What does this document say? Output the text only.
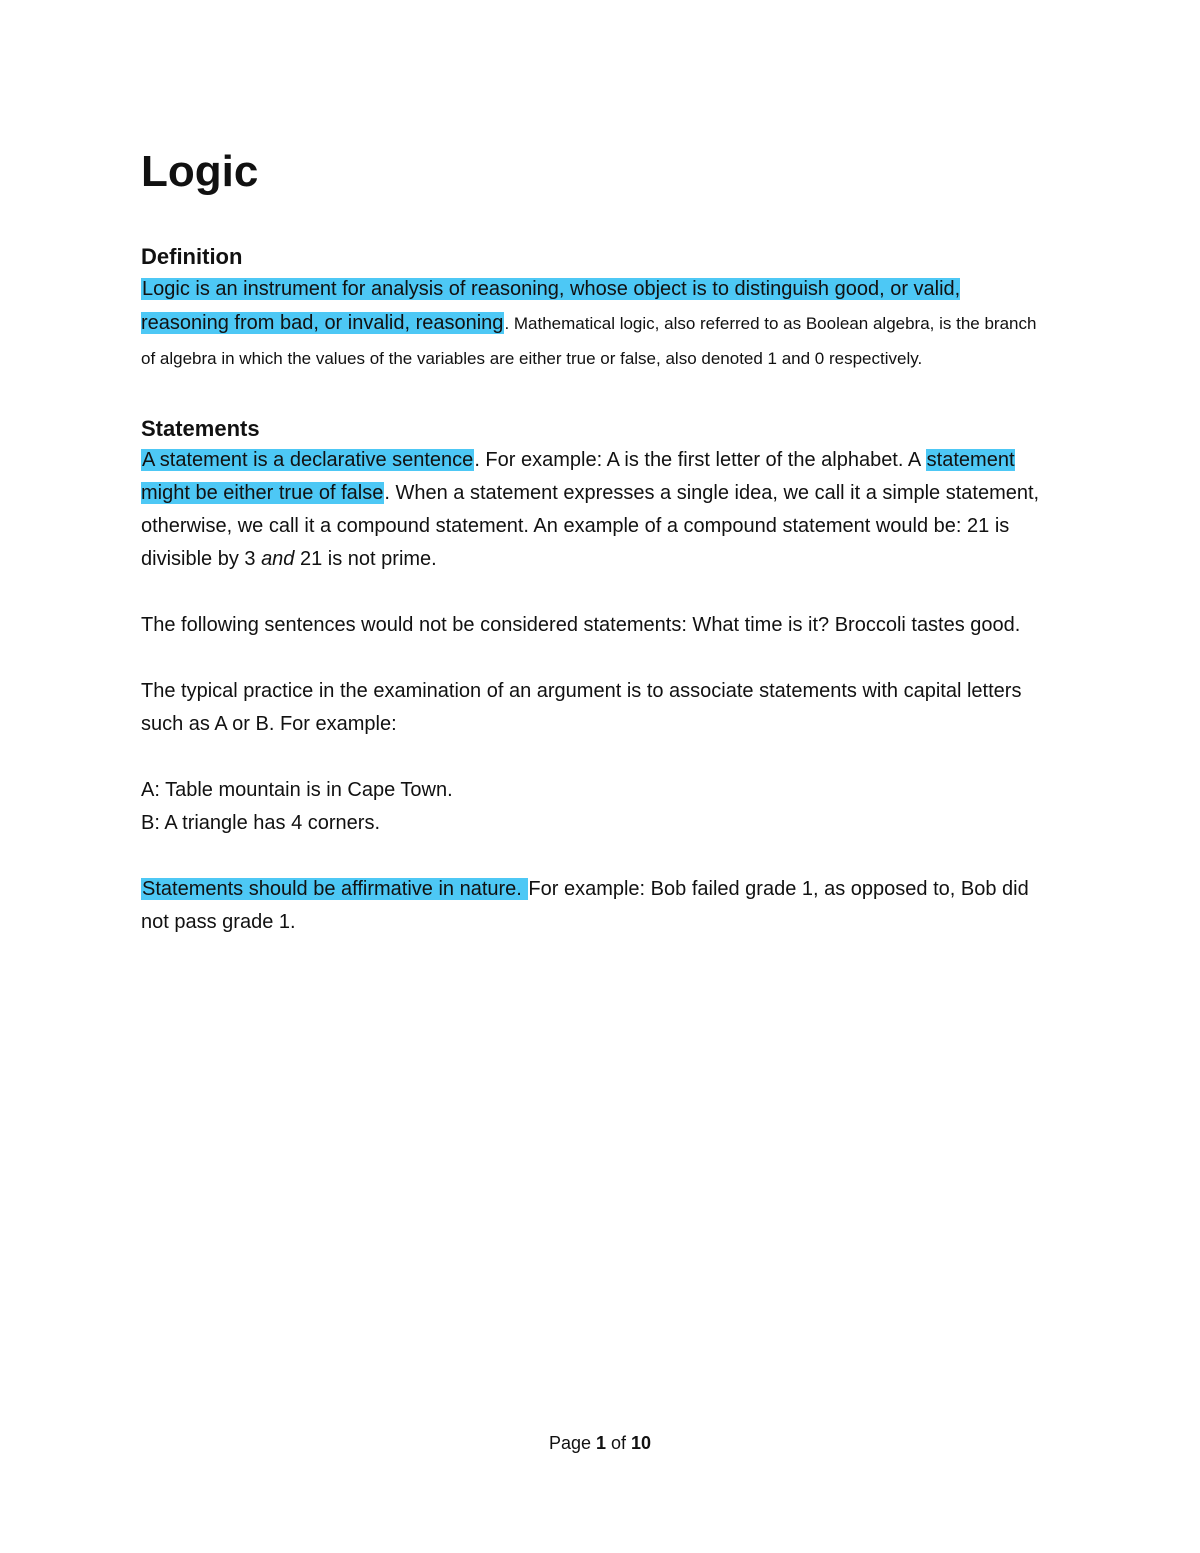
Logic
Definition

Logic is an instrument for analysis of reasoning, whose object is to distinguish good, or valid, reasoning from bad, or invalid, reasoning. Mathematical logic, also referred to as Boolean algebra, is the branch of algebra in which the values of the variables are either true or false, also denoted 1 and 0 respectively.

Statements

A statement is a declarative sentence. For example: A is the first letter of the alphabet. A statement might be either true of false. When a statement expresses a single idea, we call it a simple statement, otherwise, we call it a compound statement. An example of a compound statement would be: 21 is divisible by 3 and 21 is not prime.

The following sentences would not be considered statements: What time is it? Broccoli tastes good.

The typical practice in the examination of an argument is to associate statements with capital letters such as A or B. For example:

A: Table mountain is in Cape Town.
B: A triangle has 4 corners.

Statements should be affirmative in nature. For example: Bob failed grade 1, as opposed to, Bob did not pass grade 1.

Page 1 of 10
